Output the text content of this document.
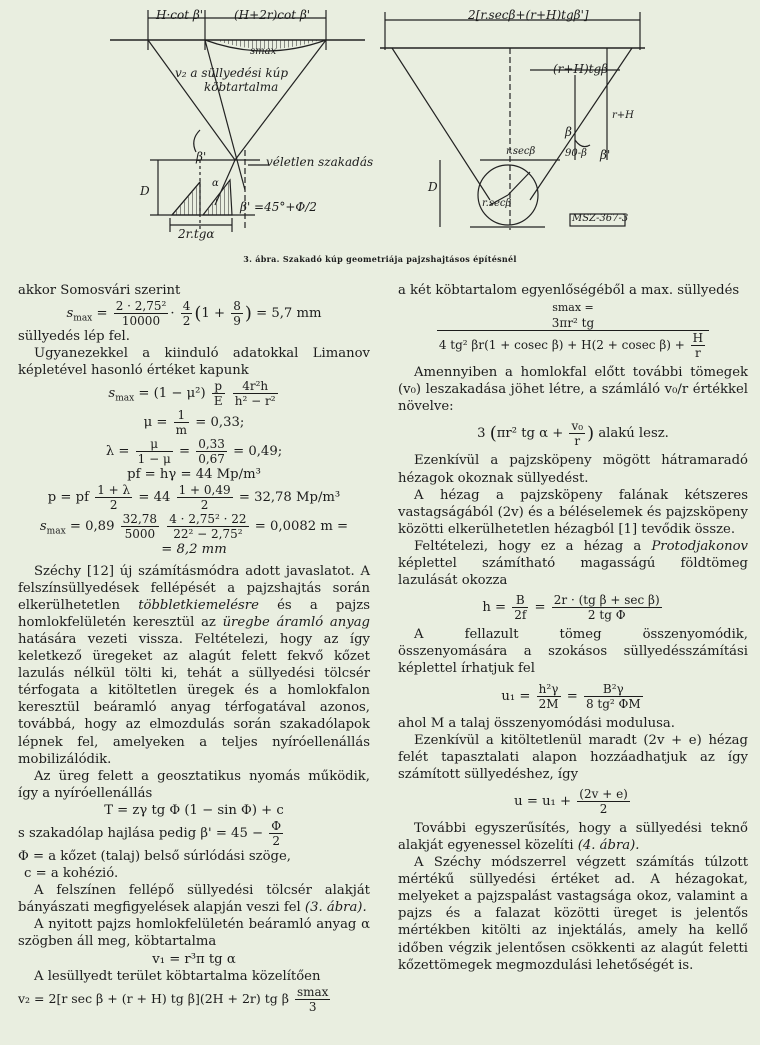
H·cot β'	(H+2r)cot β'
smax
v₂ a süllyedési kúp
köbtartalma
β'	véletlen szakadás
α
D
β' =45°+Φ/2
2r.tgα
2[r.secβ+(r+H)tgβ']
(r+H)tgβ
r+H
β
r.secβ	90-β β'
D
r.secβ
MSZ-367-3
3. ábra. Szakadó kúp geometriája pajzshajtásos építésnél

akkor Somosvári szerint

$s_{max} = \frac{\text{2 · 2,75²}}{10000} \cdot \frac{4}{2} (1 + \frac{8}{9}$ ) = 5,7 mm

süllyedés lép fel.

Ugyanezekkel a kiinduló adatokkal Limanov képletével hasonló értéket kapunk

$s_{max} = (1 - \mu^2) \frac{p}{E}$
$\frac{\text{4r²h}}{\text{h² − r²}}$

$\mu = \frac{1}{m} = 0,33$;

$\lambda = \frac{\mu}{1 - \mu} = \frac{0,33}{0,67} = 0,49$;

pf = hγ = 44 Mp/m³

p = pf $\frac{1 + \lambda}{2} = 44 \frac{1 + 0,49}{2} = 32,78$ Mp/m³

$s_{max} = 0,89 \frac{32,78}{5000}$
$\frac{\text{4 · 2,75² · 22}}{\text{22² − 2,75²}} = 0,0082$ m =

= 8,2 mm

Széchy [12] új számításmódra adott javaslatot. A felszínsüllyedések fellépését a pajzshajtás során elkerülhetetlen többletkiemelésre és a pajzs homlokfelületén keresztül az üregbe áramló anyag hatására vezeti vissza. Feltételezi, hogy az így keletkező üregeket az alagút felett fekvő kőzet lazulás nélkül tölti ki, tehát a süllyedési tölcsér térfogata a kitöltetlen üregek és a homlokfalon keresztül beáramló anyag térfogatával azonos, továbbá, hogy az elmozdulás során szakadólapok lépnek fel, amelyeken a teljes nyíróellenállás mobilizálódik.

Az üreg felett a geosztatikus nyomás működik, így a nyíróellenállás

T = zγ tg Φ (1 − sin Φ) + c

s szakadólap hajlása pedig $\beta' = 45 - \frac{\Phi}{2}$

Φ = a kőzet (talaj) belső súrlódási szöge,

c = a kohézió.

A felszínen fellépő süllyedési tölcsér alakját bányászati megfigyelések alapján veszi fel (3. ábra).

A nyitott pajzs homlokfelületén beáramló anyag α szögben áll meg, köbtartalma

v₁ = r³π tg α

A lesüllyedt terület köbtartalma közelítően

v₂ = 2[r sec β + (r + H) tg β](2H + 2r) tg β $\frac{smax}{3}$

a két köbtartalom egyenlőségéből a max. süllyedés

smax =

$\frac{\text{3πr² tg}}{4 tg^2 \beta r(1 + cosec \beta) + H(2 + cosec \beta) + \frac{H}{r}}$

Amennyiben a homlokfal előtt további tömegek (v₀) leszakadása jöhet létre, a számláló v₀/r értékkel növelve:

3 (πr² tg $\alpha + \frac{\text{v₀}}{r}$ ) alakú lesz.

Ezenkívül a pajzsköpeny mögött hátramaradó hézagok okoznak süllyedést.

A hézag a pajzsköpeny falának kétszeres vastagságából (2v) és a béléselemek és pajzsköpeny közötti elkerülhetetlen hézagból [1] tevődik össze.

Feltételezi, hogy ez a hézag a Protodjakonov képlettel számítható magasságú földtömeg lazulását okozza

$h = \frac{B}{2f} = \frac{\text{2r · (tg β + sec β)}}{\text{2 tg Φ}}$

A fellazult tömeg összenyomódik, összenyomására a szokásos süllyedésszámítási képlettel írhatjuk fel

$u_1 = \frac{\text{h²γ}}{2M} = \frac{\text{B²γ}}{\text{8 tg² ΦM}}$

ahol M a talaj összenyomódási modulusa.

Ezenkívül a kitöltetlenül maradt (2v + e) hézag felét tapasztalati alapon hozzáadhatjuk az így számított süllyedéshez, így

$u = u_1 + \frac{(2v + e)}{2}$

További egyszerűsítés, hogy a süllyedési teknő alakját egyenessel közelíti (4. ábra).

A Széchy módszerrel végzett számítás túlzott mértékű süllyedési értéket ad. A hézagokat, melyeket a pajzspalást vastagsága okoz, valamint a pajzs és a falazat közötti üreget is jelentős mértékben kitölti az injektálás, amely ha kellő időben végzik jelentősen csökkenti az alagút feletti kőzettömegek megmozdulási lehetőségét is.
